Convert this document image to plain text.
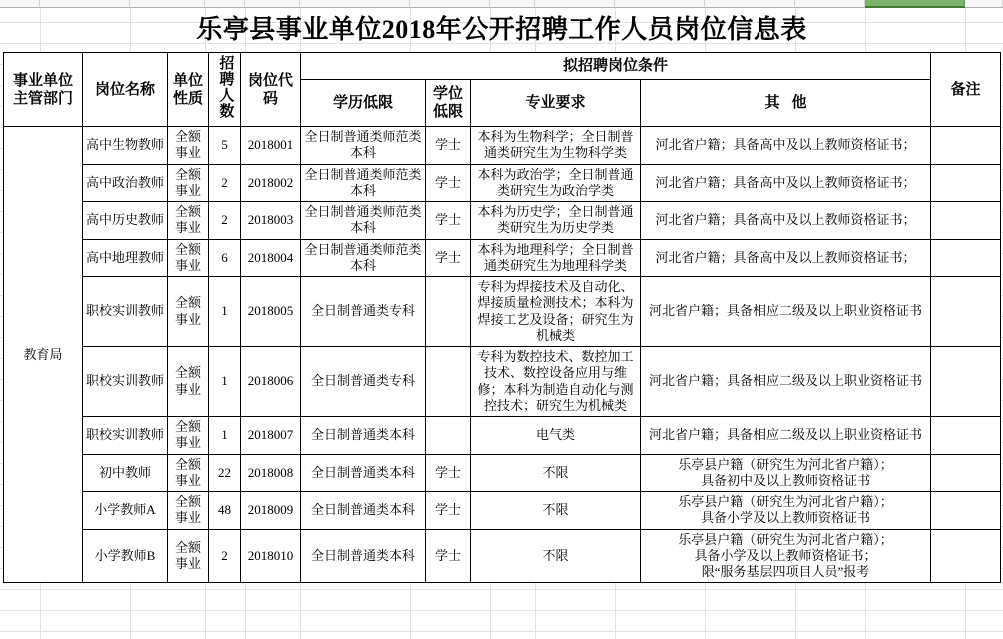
乐亭县事业单位2018年公开招聘工作人员岗位信息表
事业单位主管部门	岗位名称	单位性质	招聘人数	岗位代码	拟招聘岗位条件				备注
					学历低限	学位低限	专业要求	其他	
教育局	高中生物教师	全额事业	5	2018001	全日制普通类师范类本科	学士	本科为生物科学；全日制普通类研究生为生物科学类	河北省户籍；具备高中及以上教师资格证书；	
	高中政治教师	全额事业	2	2018002	全日制普通类师范类本科	学士	本科为政治学；全日制普通类研究生为政治学类	河北省户籍；具备高中及以上教师资格证书；	
	高中历史教师	全额事业	2	2018003	全日制普通类师范类本科	学士	本科为历史学；全日制普通类研究生为历史学类	河北省户籍；具备高中及以上教师资格证书；	
	高中地理教师	全额事业	6	2018004	全日制普通类师范类本科	学士	本科为地理科学；全日制普通类研究生为地理科学类	河北省户籍；具备高中及以上教师资格证书；	
	职校实训教师	全额事业	1	2018005	全日制普通类专科		专科为焊接技术及自动化、焊接质量检测技术；本科为焊接工艺及设备；研究生为机械类	河北省户籍；具备相应二级及以上职业资格证书	
	职校实训教师	全额事业	1	2018006	全日制普通类专科		专科为数控技术、数控加工技术、数控设备应用与维修；本科为制造自动化与测控技术；研究生为机械类	河北省户籍；具备相应二级及以上职业资格证书	
	职校实训教师	全额事业	1	2018007	全日制普通类本科		电气类	河北省户籍；具备相应二级及以上职业资格证书	
	初中教师	全额事业	22	2018008	全日制普通类本科	学士	不限	乐亭县户籍（研究生为河北省户籍）；
具备初中及以上教师资格证书	
	小学教师A	全额事业	48	2018009	全日制普通类本科	学士	不限	乐亭县户籍（研究生为河北省户籍）；
具备小学及以上教师资格证书	
	小学教师B	全额事业	2	2018010	全日制普通类本科	学士	不限	乐亭县户籍（研究生为河北省户籍）；
具备小学及以上教师资格证书；
限“服务基层四项目人员”报考	
